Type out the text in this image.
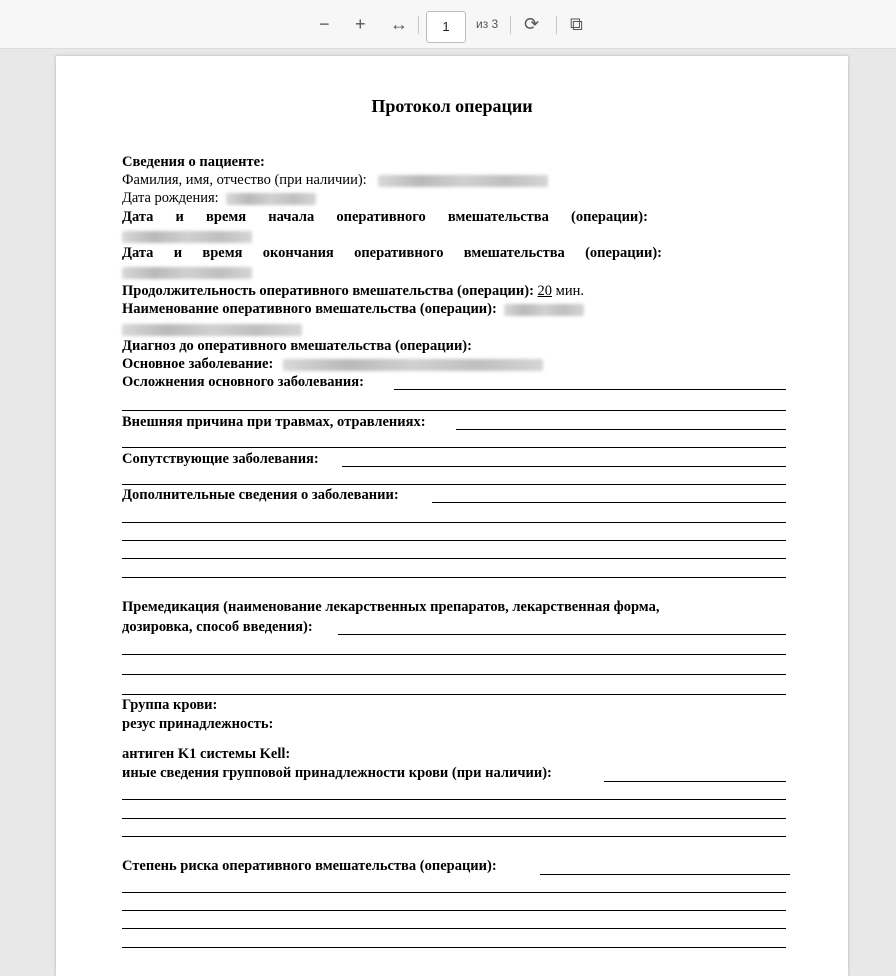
− + ↔	1	из 3 ⟳ ⧉
Протокол операции
Сведения о пациенте:
Фамилия, имя, отчество (при наличии):
Дата рождения:
Дата и время начала оперативного вмешательства (операции):
Дата и время окончания оперативного вмешательства (операции):
Продолжительность оперативного вмешательства (операции): 20 мин.
Наименование оперативного вмешательства (операции):
Диагноз до оперативного вмешательства (операции):
Основное заболевание:
Осложнения основного заболевания:
Внешняя причина при травмах, отравлениях:
Сопутствующие заболевания:
Дополнительные сведения о заболевании:
Премедикация (наименование лекарственных препаратов, лекарственная форма,
дозировка, способ введения):
Группа крови:
резус принадлежность:
антиген K1 системы Kell:
иные сведения групповой принадлежности крови (при наличии):
Степень риска оперативного вмешательства (операции):
